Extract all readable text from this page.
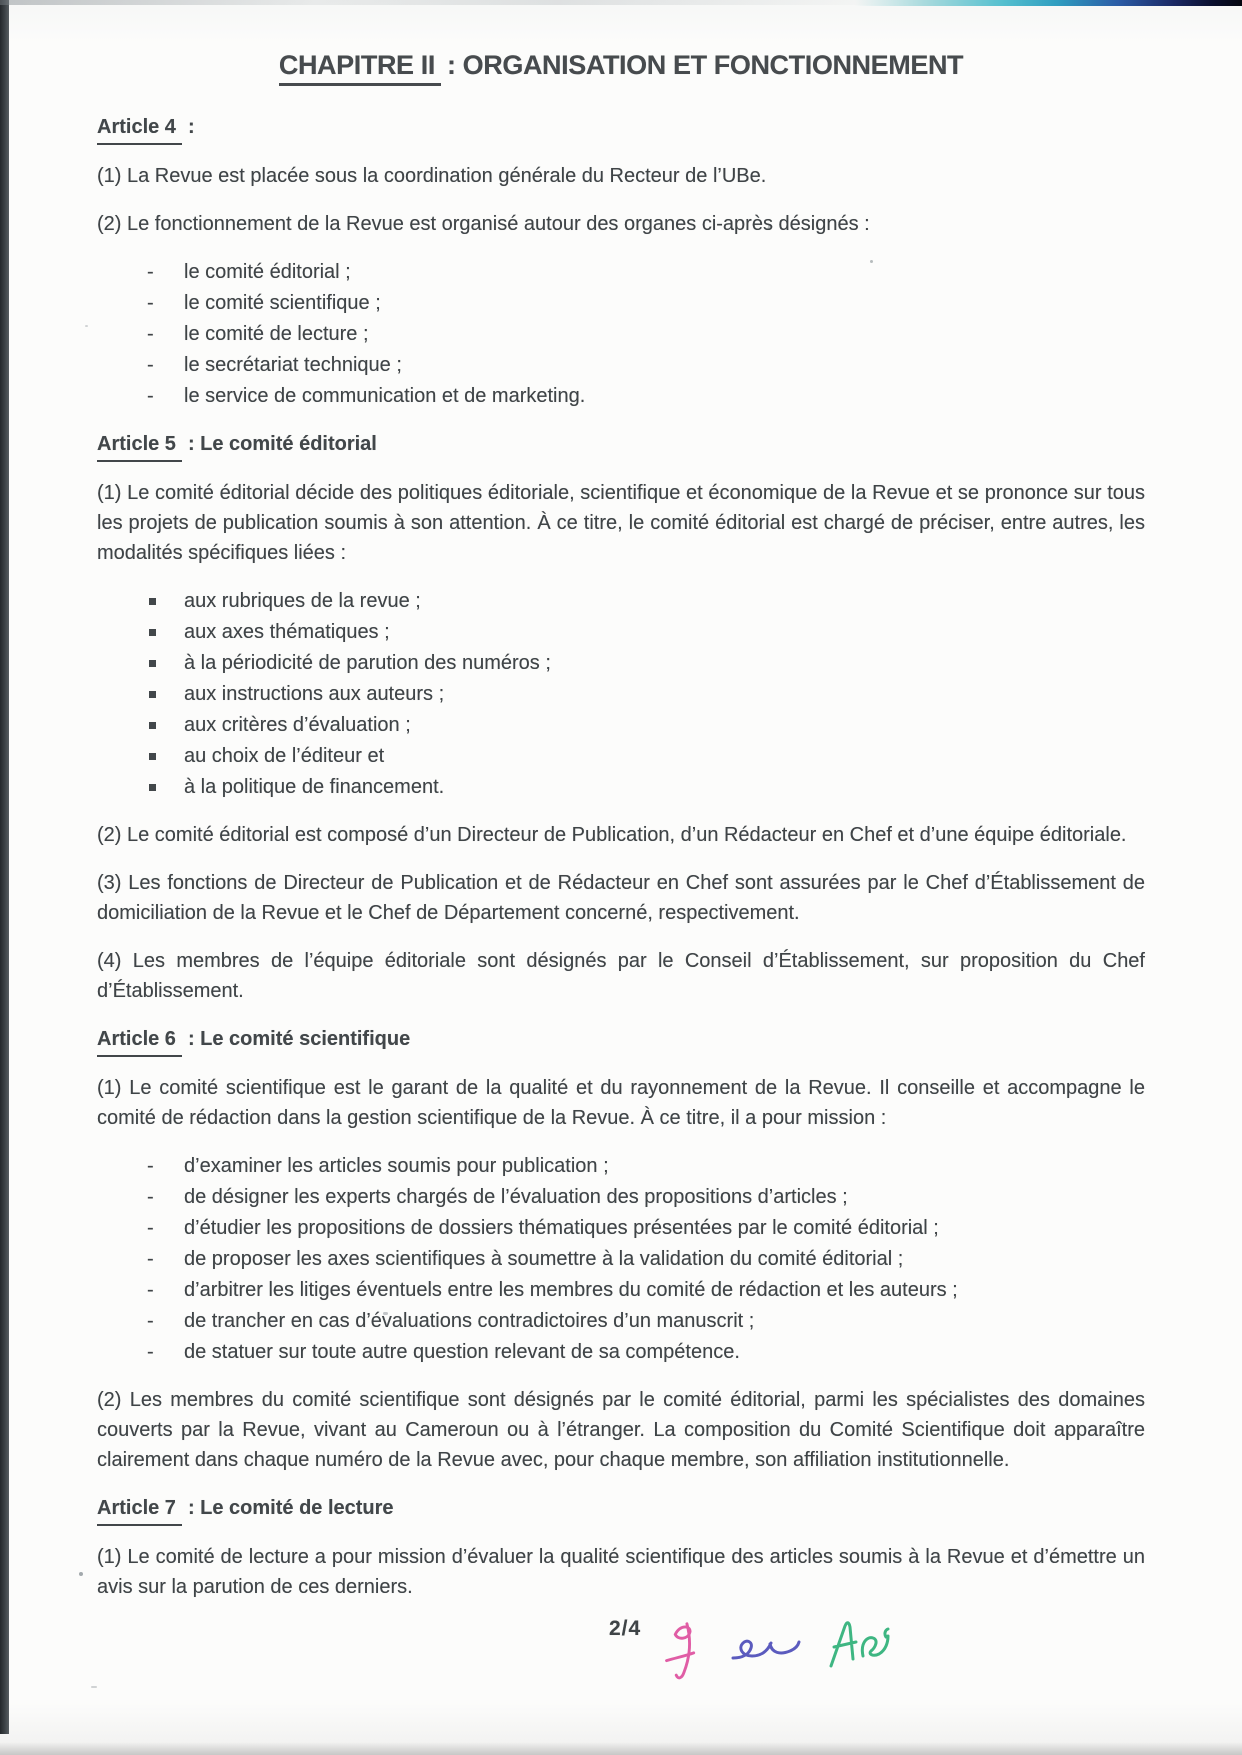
CHAPITRE II : ORGANISATION ET FONCTIONNEMENT
Article 4 :

(1) La Revue est placée sous la coordination générale du Recteur de l’UBe.

(2) Le fonctionnement de la Revue est organisé autour des organes ci-après désignés :

- le comité éditorial ;
- le comité scientifique ;
- le comité de lecture ;
- le secrétariat technique ;
- le service de communication et de marketing.
Article 5 : Le comité éditorial

(1) Le comité éditorial décide des politiques éditoriale, scientifique et économique de la Revue et se prononce sur tous les projets de publication soumis à son attention. À ce titre, le comité éditorial est chargé de préciser, entre autres, les modalités spécifiques liées :

aux rubriques de la revue ;
aux axes thématiques ;
à la périodicité de parution des numéros ;
aux instructions aux auteurs ;
aux critères d’évaluation ;
au choix de l’éditeur et
à la politique de financement.

(2) Le comité éditorial est composé d’un Directeur de Publication, d’un Rédacteur en Chef et d’une équipe éditoriale.

(3) Les fonctions de Directeur de Publication et de Rédacteur en Chef sont assurées par le Chef d’Établissement de domiciliation de la Revue et le Chef de Département concerné, respectivement.

(4) Les membres de l’équipe éditoriale sont désignés par le Conseil d’Établissement, sur proposition du Chef d’Établissement.

Article 6 : Le comité scientifique

(1) Le comité scientifique est le garant de la qualité et du rayonnement de la Revue. Il conseille et accompagne le comité de rédaction dans la gestion scientifique de la Revue. À ce titre, il a pour mission :

- d’examiner les articles soumis pour publication ;
- de désigner les experts chargés de l’évaluation des propositions d’articles ;
- d’étudier les propositions de dossiers thématiques présentées par le comité éditorial ;
- de proposer les axes scientifiques à soumettre à la validation du comité éditorial ;
- d’arbitrer les litiges éventuels entre les membres du comité de rédaction et les auteurs ;
- de trancher en cas d’évaluations contradictoires d’un manuscrit ;
- de statuer sur toute autre question relevant de sa compétence.

(2) Les membres du comité scientifique sont désignés par le comité éditorial, parmi les spécialistes des domaines couverts par la Revue, vivant au Cameroun ou à l’étranger. La composition du Comité Scientifique doit apparaître clairement dans chaque numéro de la Revue avec, pour chaque membre, son affiliation institutionnelle.

Article 7 : Le comité de lecture

(1) Le comité de lecture a pour mission d’évaluer la qualité scientifique des articles soumis à la Revue et d’émettre un avis sur la parution de ces derniers.

2/4
